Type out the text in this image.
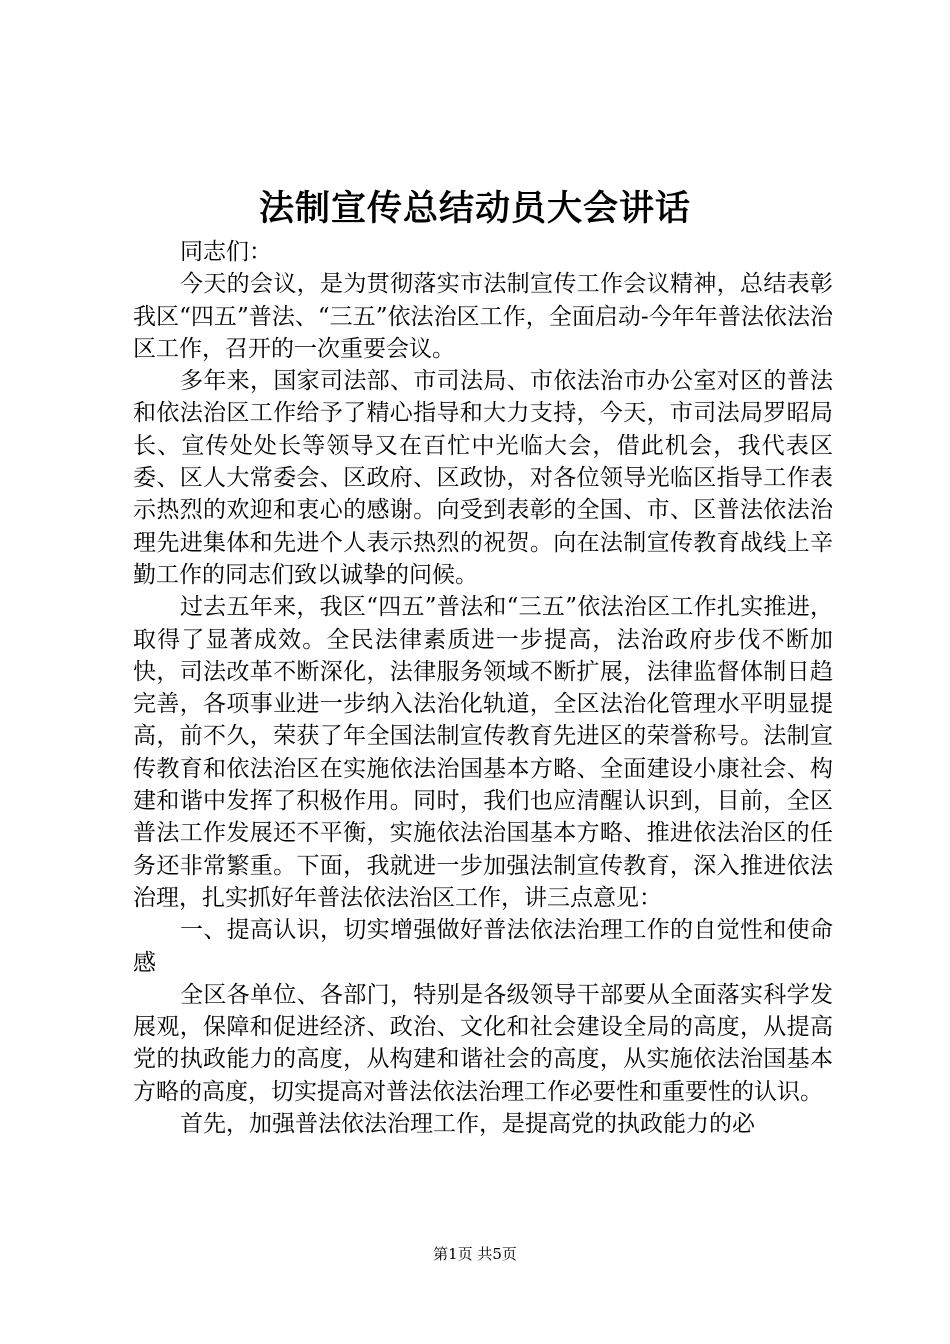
法制宣传总结动员大会讲话

同志们：

今天的会议，是为贯彻落实市法制宣传工作会议精神，总结表彰我区“四五”普法、“三五”依法治区工作，全面启动-今年年普法依法治区工作，召开的一次重要会议。

多年来，国家司法部、市司法局、市依法治市办公室对区的普法和依法治区工作给予了精心指导和大力支持，今天，市司法局罗昭局长、宣传处处长等领导又在百忙中光临大会，借此机会，我代表区委、区人大常委会、区政府、区政协，对各位领导光临区指导工作表示热烈的欢迎和衷心的感谢。向受到表彰的全国、市、区普法依法治理先进集体和先进个人表示热烈的祝贺。向在法制宣传教育战线上辛勤工作的同志们致以诚挚的问候。

过去五年来，我区“四五”普法和“三五”依法治区工作扎实推进，取得了显著成效。全民法律素质进一步提高，法治政府步伐不断加快，司法改革不断深化，法律服务领域不断扩展，法律监督体制日趋完善，各项事业进一步纳入法治化轨道，全区法治化管理水平明显提高，前不久，荣获了年全国法制宣传教育先进区的荣誉称号。法制宣传教育和依法治区在实施依法治国基本方略、全面建设小康社会、构建和谐中发挥了积极作用。同时，我们也应清醒认识到，目前，全区普法工作发展还不平衡，实施依法治国基本方略、推进依法治区的任务还非常繁重。下面，我就进一步加强法制宣传教育，深入推进依法治理，扎实抓好年普法依法治区工作，讲三点意见：

一、提高认识，切实增强做好普法依法治理工作的自觉性和使命感

全区各单位、各部门，特别是各级领导干部要从全面落实科学发展观，保障和促进经济、政治、文化和社会建设全局的高度，从提高党的执政能力的高度，从构建和谐社会的高度，从实施依法治国基本方略的高度，切实提高对普法依法治理工作必要性和重要性的认识。

首先，加强普法依法治理工作，是提高党的执政能力的必

第1页 共5页
